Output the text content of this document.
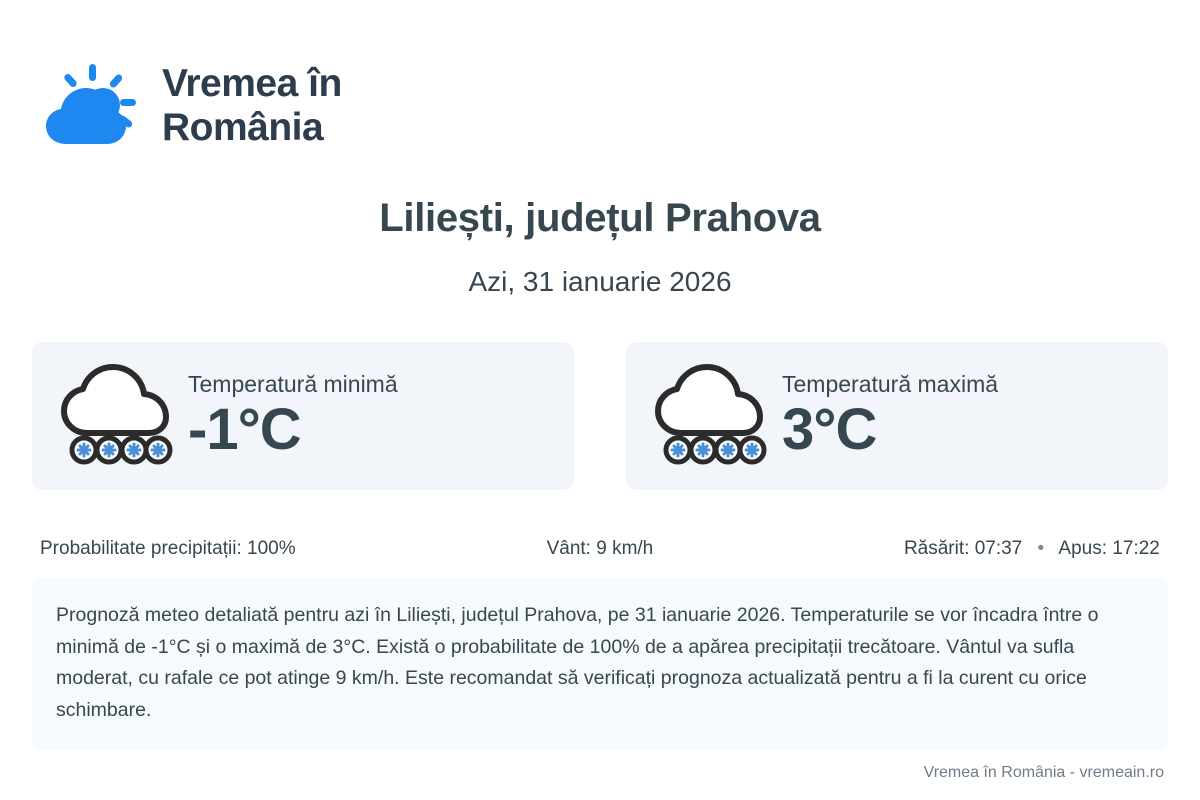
Vremea în România
Liliești, județul Prahova
Azi, 31 ianuarie 2026
Temperatură minimă
-1°C
Temperatură maximă
3°C
Probabilitate precipitații: 100%	Vânt: 9 km/h	Răsărit: 07:37 • Apus: 17:22
Prognoză meteo detaliată pentru azi în Liliești, județul Prahova, pe 31 ianuarie 2026. Temperaturile se vor încadra între o minimă de -1°C și o maximă de 3°C. Există o probabilitate de 100% de a apărea precipitații trecătoare. Vântul va sufla moderat, cu rafale ce pot atinge 9 km/h. Este recomandat să verificați prognoza actualizată pentru a fi la curent cu orice schimbare.
Vremea în România - vremeain.ro
